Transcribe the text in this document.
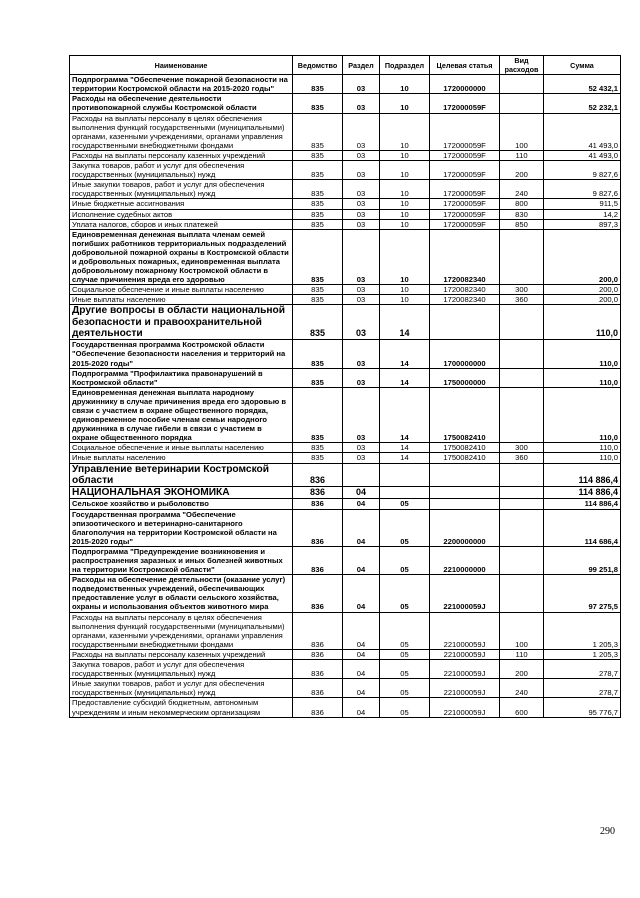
Наименование	Ведомство	Раздел	Подраздел	Целевая статья	Вид расходов	Сумма
Подпрограмма "Обеспечение пожарной безопасности на территории Костромской области на 2015-2020 годы"	835	03	10	1720000000		52 432,1
Расходы на обеспечение деятельности противопожарной службы Костромской области	835	03	10	172000059F		52 232,1
Расходы на выплаты персоналу в целях обеспечения выполнения функций государственными (муниципальными) органами, казенными учреждениями, органами управления государственными внебюджетными фондами	835	03	10	172000059F	100	41 493,0
Расходы на выплаты персоналу казенных учреждений	835	03	10	172000059F	110	41 493,0
Закупка товаров, работ и услуг для обеспечения государственных (муниципальных) нужд	835	03	10	172000059F	200	9 827,6
Иные закупки товаров, работ и услуг для обеспечения государственных (муниципальных) нужд	835	03	10	172000059F	240	9 827,6
Иные бюджетные ассигнования	835	03	10	172000059F	800	911,5
Исполнение судебных актов	835	03	10	172000059F	830	14,2
Уплата налогов, сборов и иных платежей	835	03	10	172000059F	850	897,3
Единовременная денежная выплата членам семей погибших работников территориальных подразделений добровольной пожарной охраны в Костромской области и добровольных пожарных, единовременная выплата добровольному пожарному Костромской области в случае причинения вреда его здоровью	835	03	10	1720082340		200,0
Социальное обеспечение и иные выплаты населению	835	03	10	1720082340	300	200,0
Иные выплаты населению	835	03	10	1720082340	360	200,0
Другие вопросы в области национальной безопасности и правоохранительной деятельности	835	03	14			110,0
Государственная программа Костромской области "Обеспечение безопасности населения и территорий на 2015-2020 годы"	835	03	14	1700000000		110,0
Подпрограмма "Профилактика правонарушений в Костромской области"	835	03	14	1750000000		110,0
Единовременная денежная выплата народному дружиннику в случае причинения вреда его здоровью в связи с участием в охране общественного порядка, единовременное пособие членам семьи народного дружинника в случае гибели в связи с участием в охране общественного порядка	835	03	14	1750082410		110,0
Социальное обеспечение и иные выплаты населению	835	03	14	1750082410	300	110,0
Иные выплаты населению	835	03	14	1750082410	360	110,0
Управление ветеринарии Костромской области	836					114 886,4
НАЦИОНАЛЬНАЯ ЭКОНОМИКА	836	04				114 886,4
Сельское хозяйство и рыболовство	836	04	05			114 886,4
Государственная программа "Обеспечение эпизоотического и ветеринарно-санитарного благополучия на территории Костромской области на 2015-2020 годы"	836	04	05	2200000000		114 686,4
Подпрограмма "Предупреждение возникновения и распространения заразных и иных болезней животных на территории Костромской области"	836	04	05	2210000000		99 251,8
Расходы на обеспечение деятельности (оказание услуг) подведомственных учреждений, обеспечивающих предоставление услуг в области сельского хозяйства, охраны и использования объектов животного мира	836	04	05	221000059J		97 275,5
Расходы на выплаты персоналу в целях обеспечения выполнения функций государственными (муниципальными) органами, казенными учреждениями, органами управления государственными внебюджетными фондами	836	04	05	221000059J	100	1 205,3
Расходы на выплаты персоналу казенных учреждений	836	04	05	221000059J	110	1 205,3
Закупка товаров, работ и услуг для обеспечения государственных (муниципальных) нужд	836	04	05	221000059J	200	278,7
Иные закупки товаров, работ и услуг для обеспечения государственных (муниципальных) нужд	836	04	05	221000059J	240	278,7
Предоставление субсидий бюджетным, автономным учреждениям и иным некоммерческим организациям	836	04	05	221000059J	600	95 776,7
290
